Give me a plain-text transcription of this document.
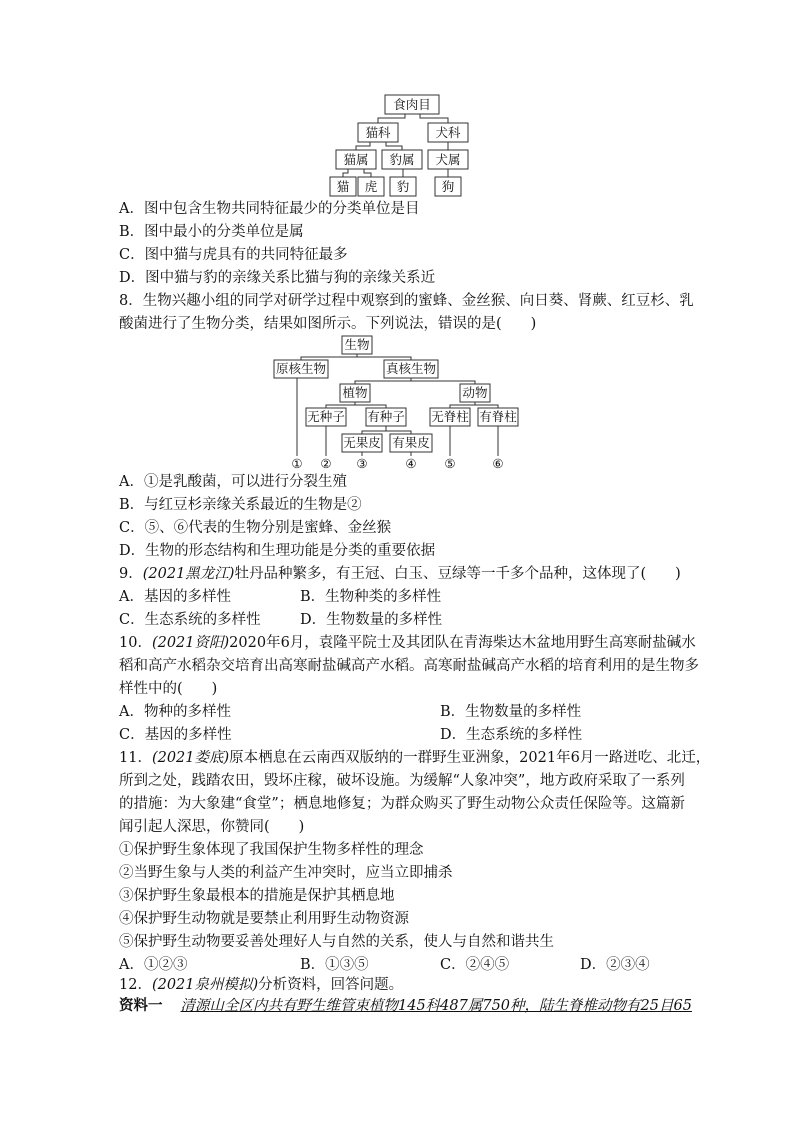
食肉目
猫科	犬科
猫属 豹属 犬属
猫 虎 豹	狗
A．图中包含生物共同特征最少的分类单位是目
B．图中最小的分类单位是属
C．图中猫与虎具有的共同特征最多
D．图中猫与豹的亲缘关系比猫与狗的亲缘关系近
8．生物兴趣小组的同学对研学过程中观察到的蜜蜂、金丝猴、向日葵、肾蕨、红豆杉、乳
酸菌进行了生物分类，结果如图所示。下列说法，错误的是(　　)
生物
原核生物	真核生物
植物	动物
无种子 有种子 无脊柱 有脊柱
无果皮 有果皮
① ② ③	④ ⑤	⑥
A．①是乳酸菌，可以进行分裂生殖
B．与红豆杉亲缘关系最近的生物是②
C．⑤、⑥代表的生物分别是蜜蜂、金丝猴
D．生物的形态结构和生理功能是分类的重要依据
9．(2021黑龙江)牡丹品种繁多，有王冠、白玉、豆绿等一千多个品种，这体现了(　　)
A．基因的多样性	B．生物种类的多样性
C．生态系统的多样性	D．生物数量的多样性
10．(2021资阳)2020年6月，袁隆平院士及其团队在青海柴达木盆地用野生高寒耐盐碱水
稻和高产水稻杂交培育出高寒耐盐碱高产水稻。高寒耐盐碱高产水稻的培育利用的是生物多
样性中的(　　)
A．物种的多样性	B．生物数量的多样性
C．基因的多样性	D．生态系统的多样性
11．(2021娄底)原本栖息在云南西双版纳的一群野生亚洲象，2021年6月一路迸吃、北迁，
所到之处，践踏农田，毁坏庄稼，破坏设施。为缓解“人象冲突”，地方政府采取了一系列
的措施：为大象建“食堂”；栖息地修复；为群众购买了野生动物公众责任保险等。这篇新
闻引起人深思，你赞同(　　)
①保护野生象体现了我国保护生物多样性的理念
②当野生象与人类的利益产生冲突时，应当立即捕杀
③保护野生象最根本的措施是保护其栖息地
④保护野生动物就是要禁止利用野生动物资源
⑤保护野生动物要妥善处理好人与自然的关系，使人与自然和谐共生
A．①②③	B．①③⑤	C．②④⑤	D．②③④
12．(2021泉州模拟)分析资料，回答问题。
资料一 清源山全区内共有野生维管束植物145科487属750种，陆生脊椎动物有25目65
